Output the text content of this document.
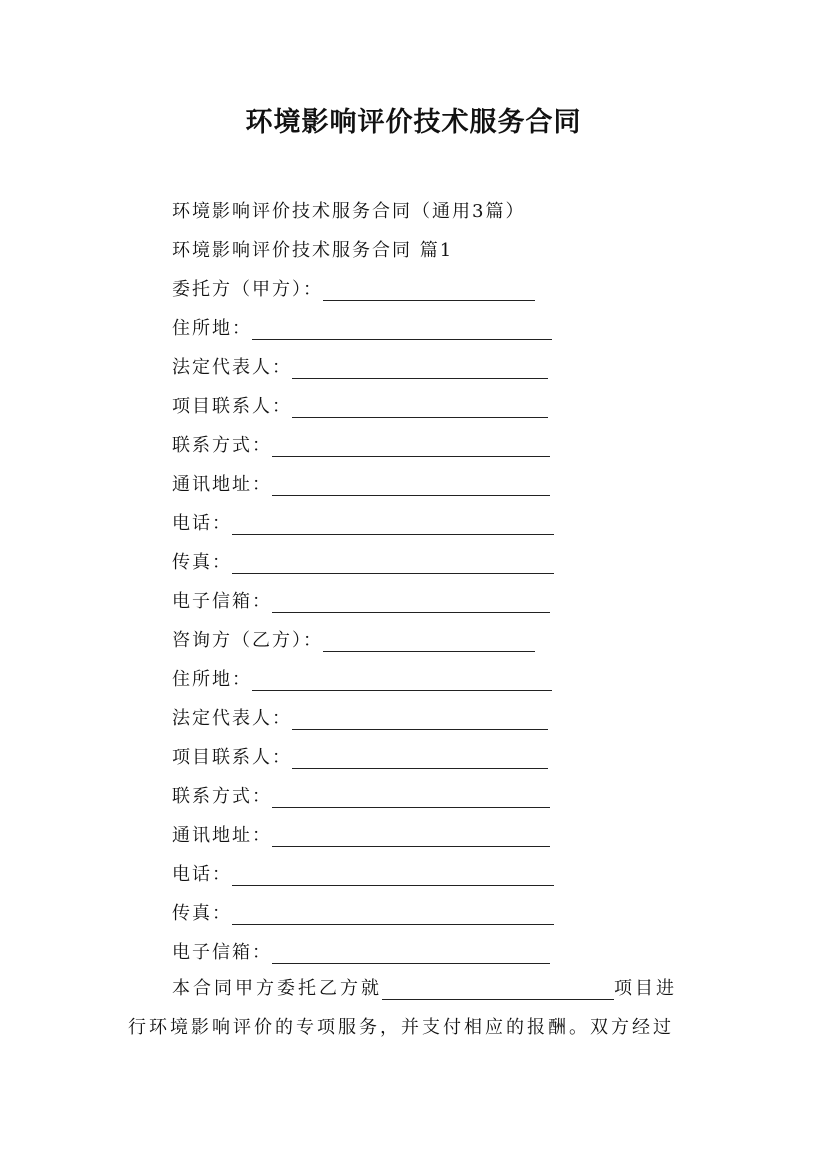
环境影响评价技术服务合同
环境影响评价技术服务合同（通用3篇）
环境影响评价技术服务合同 篇1
委托方（甲方）：
住所地：
法定代表人：
项目联系人：
联系方式：
通讯地址：
电话：
传真：
电子信箱：
咨询方（乙方）：
住所地：
法定代表人：
项目联系人：
联系方式：
通讯地址：
电话：
传真：
电子信箱：
本合同甲方委托乙方就	项目进
行环境影响评价的专项服务，并支付相应的报酬。双方经过
